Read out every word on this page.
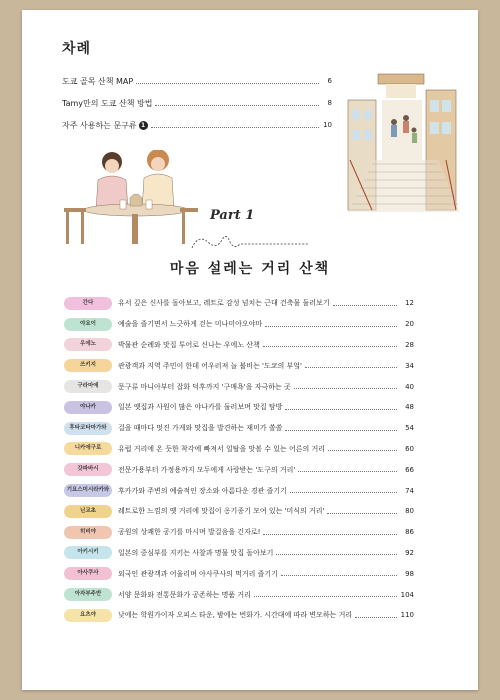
차례
도쿄 골목 산책 MAP	6
Tamy만의 도쿄 산책 방법	8
자주 사용하는 문구류 1	10
Part 1
마음 설레는 거리 산책
간다	유서 깊은 신사를 돌아보고, 레트로 감성 넘치는 근대 건축물 둘러보기	12
야요이	예술을 즐기면서 느긋하게 걷는 미나미아오야마	20
우에노	박물관 순례와 맛집 투어로 신나는 우에노 산책	28
쓰키지	관광객과 지역 주민이 한데 어우러져 늘 붐비는 '도쿄의 부엌'	34
구라마에	문구류 마니아부터 잡화 덕후까지 '구매욕'을 자극하는 곳	40
야나카	일본 옛집과 사원이 많은 야나카를 둘러보며 맛집 탐방	48
후타코타마가와	걸을 때마다 멋진 가게와 맛집을 발견하는 재미가 쏠쏠	54
니카에구로	유럽 거리에 온 듯한 착각에 빠져서 일탈을 맛볼 수 있는 어른의 거리	60
갓파바시	전문가용부터 가정용까지 모두에게 사랑받는 '도구의 거리'	66
기요스미시라카와	후카가와 주변의 예술적인 장소와 아름다운 경관 즐기기	74
닌교초	레트로한 느낌의 옛 거리에 맛집이 옹기종기 모여 있는 '미식의 거리'	80
히비야	공원의 상쾌한 공기를 마시며 발걸음을 긴자로!	86
아키시키	일본의 중심부를 지키는 사찰과 명물 맛집 돌아보기	92
아사쿠사	외국인 관광객과 어울리며 아사쿠사의 먹거리 즐기기	98
아자부주반	서양 문화와 전통문화가 공존하는 명품 거리	104
요츠야	낮에는 학원가이자 오피스 타운, 밤에는 번화가. 시간대에 따라 변모하는 거리	110
